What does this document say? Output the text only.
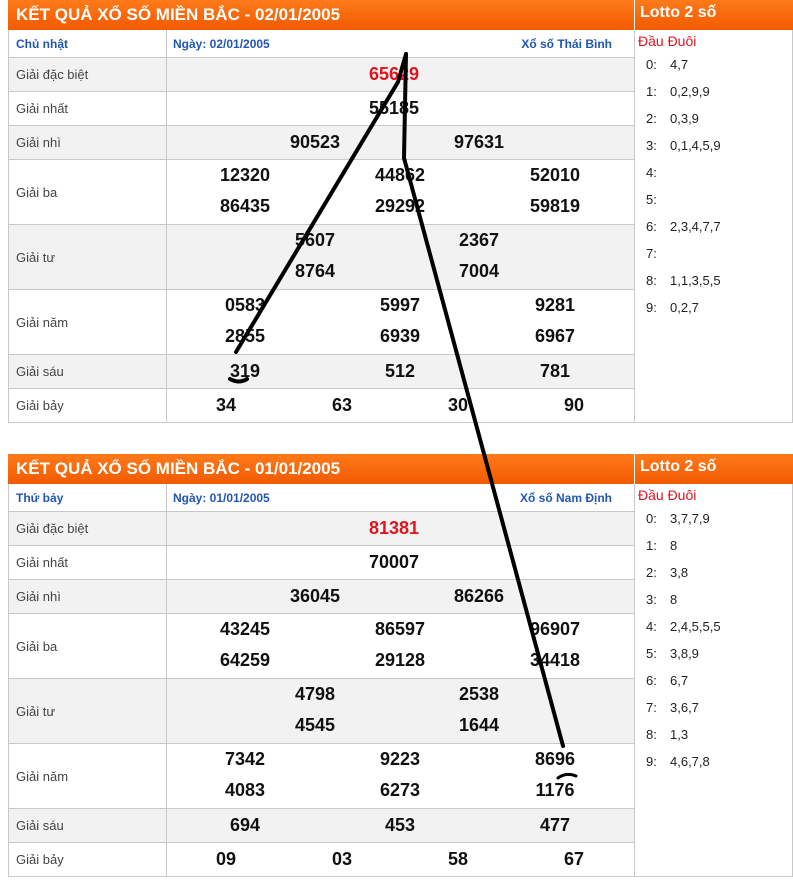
KẾT QUẢ XỔ SỐ MIỀN BẮC - 02/01/2005	Lotto 2 số
Chủ nhật	Ngày: 02/01/2005	Xổ số Thái Bình
Giải đặc biệt	65629
Giải nhất	55185
Giải nhì	90523	97631
Giải ba
12320	44862	52010
86435	29292	59819
Giải tư
5607	2367
8764	7004
Giải năm
0583	5997	9281
2855	6939	6967
Giải sáu	319	512	781
Giải bảy	34	63	30	90
Đầu Đuôi
0:	4,7
1:	0,2,9,9
2:	0,3,9
3:	0,1,4,5,9
4:
5:
6:	2,3,4,7,7
7:
8:	1,1,3,5,5
9:	0,2,7
KẾT QUẢ XỔ SỐ MIỀN BẮC - 01/01/2005	Lotto 2 số
Thứ bảy	Ngày: 01/01/2005	Xổ số Nam Định
Giải đặc biệt	81381
Giải nhất	70007
Giải nhì	36045	86266
Giải ba
43245	86597	96907
64259	29128	34418
Giải tư
4798	2538
4545	1644
Giải năm
7342	9223	8696
4083	6273	1176
Giải sáu	694	453	477
Giải bảy	09	03	58	67
Đầu Đuôi
0:	3,7,7,9
1:	8
2:	3,8
3:	8
4:	2,4,5,5,5
5:	3,8,9
6:	6,7
7:	3,6,7
8:	1,3
9:	4,6,7,8
